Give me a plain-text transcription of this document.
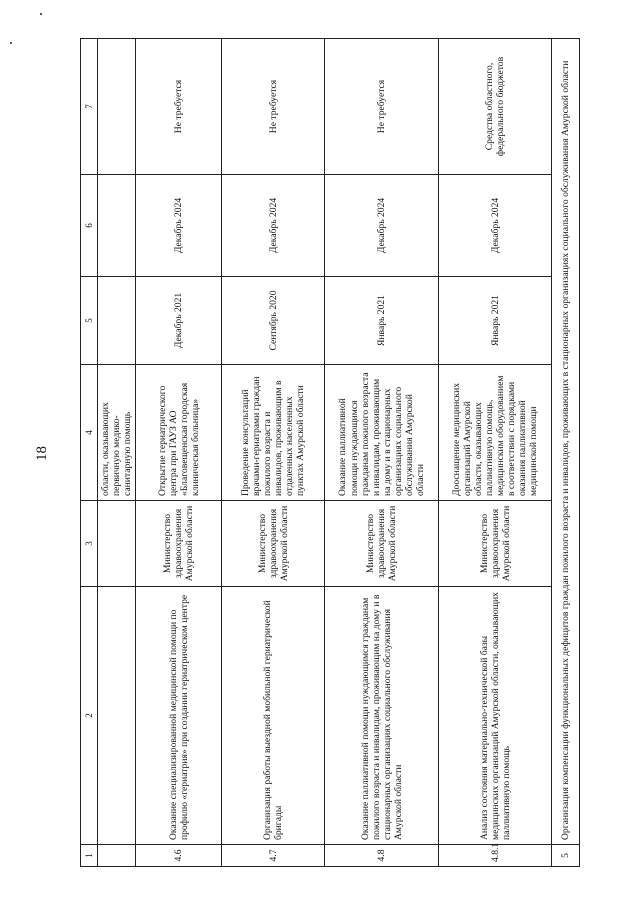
18
1	2	3	4	5	6	7
			области, оказывающих первичную медико-санитарную помощь			
4.6	Оказание специализированной медицинской помощи по профилю «гериатрия» при создании гериатрическом центре	Министерство здравоохранения Амурской области	Открытие гериатрического центра при ГАУЗ АО «Благовещенская городская клиническая больница»	Декабрь 2021	Декабрь 2024	Не требуется
4.7	Организация работы выездной мобильной гериатрической бригады	Министерство здравоохранения Амурской области	Проведение консультаций врачами-гериатрами граждан пожилого возраста и инвалидов, проживающим в отдаленных населенных пунктах Амурской области	Сентябрь 2020	Декабрь 2024	Не требуется
4.8	Оказание паллиативной помощи нуждающимся гражданам пожилого возраста и инвалидам, проживающим на дому и в стационарных организациях социального обслуживания Амурской области	Министерство здравоохранения Амурской области	Оказание паллиативной помощи нуждающимся гражданам пожилого возраста и инвалидам, проживающим на дому и в стационарных организациях социального обслуживания Амурской области	Январь 2021	Декабрь 2024	Не требуется
4.8.1	Анализ состояния материально-технической базы медицинских организаций Амурской области, оказывающих паллиативную помощь	Министерство здравоохранения Амурской области	Дооснащение медицинских организаций Амурской области, оказывающих паллиативную помощь, медицинским оборудованием в соответствии с порядками оказания паллиативной медицинской помощи	Январь 2021	Декабрь 2024	Средства областного, федерального бюджетов
5	Организация компенсации функциональных дефицитов граждан пожилого возраста и инвалидов, проживающих в стационарных организациях социального обслуживания Амурской области					
